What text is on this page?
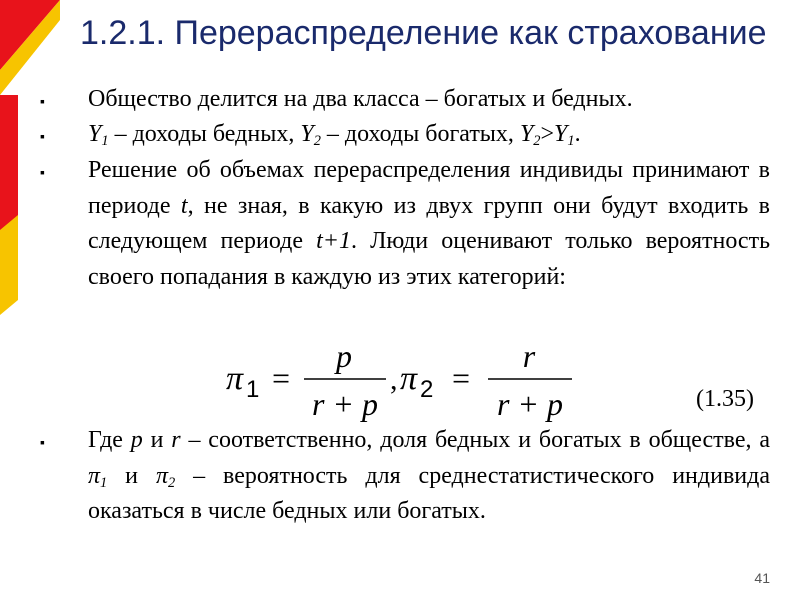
1.2.1. Перераспределение как страхование
▪
▪
▪
▪
Общество делится на два класса – богатых и бедных.
$Y_1$ – доходы бедных, $Y_2$ – доходы богатых, $Y_2>Y_1$.
Решение об объемах перераспределения индивиды принимают в периоде t, не зная, в какую из двух групп они будут входить в следующем периоде t+1. Люди оценивают только вероятность своего попадания в каждую из этих категорий:
π 1 =
p
r + p
, π 2 =
r
r + p	(1.35)
Где p и r – соответственно, доля бедных и богатых в обществе, а $\pi_1$ и $\pi_2$ – вероятность для среднестатистического индивида оказаться в числе бедных или богатых.
41
